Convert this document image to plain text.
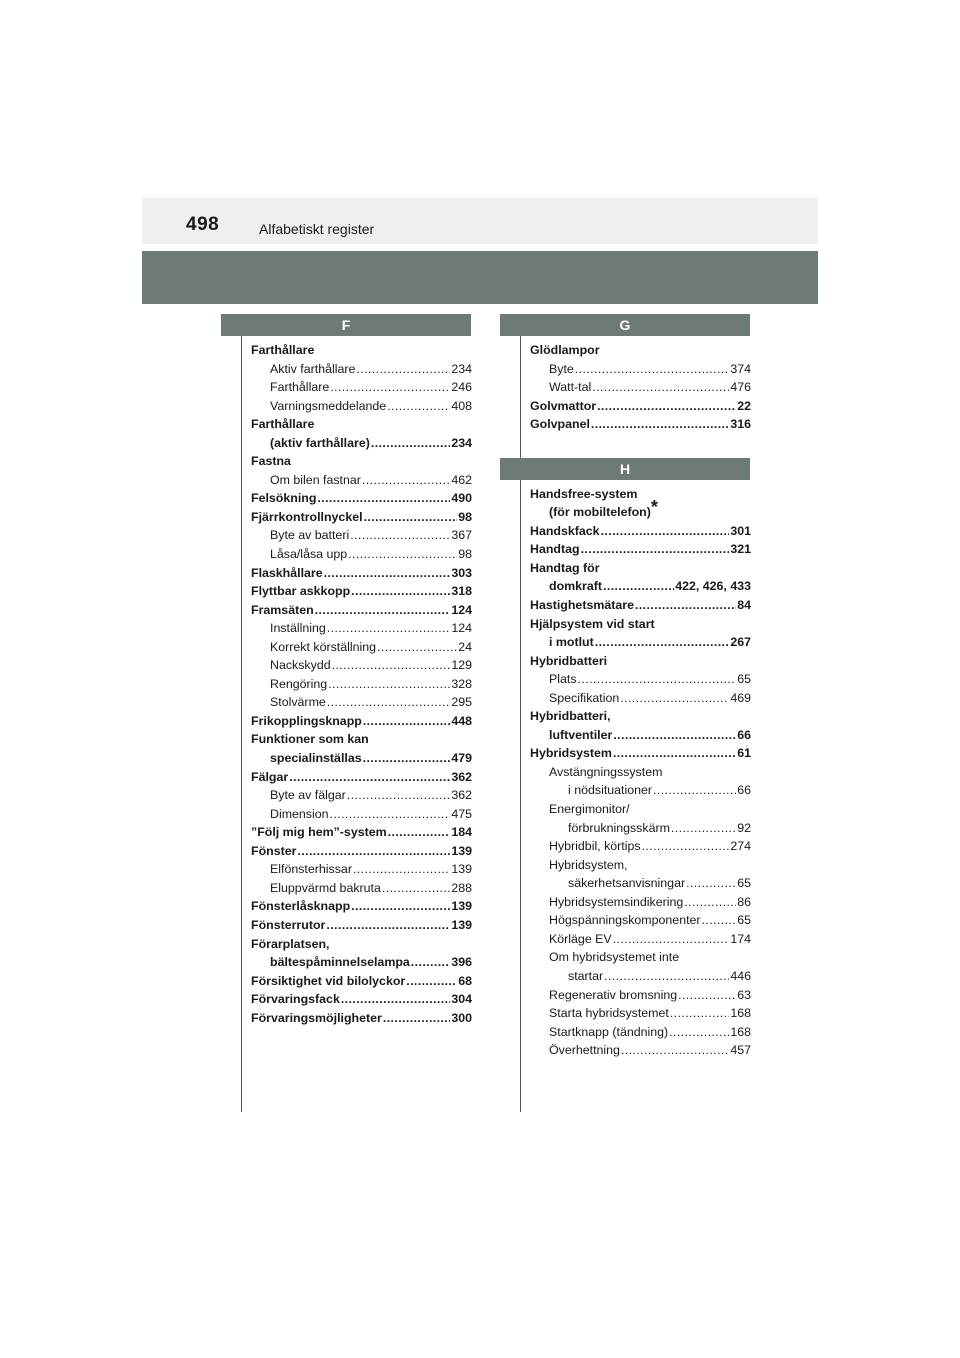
498	Alfabetiskt register
F
Farthållare
Aktiv farthållare .....	234
Farthållare .....	246
Varningsmeddelande .....	408
Farthållare
(aktiv farthållare) .....	234
Fastna
Om bilen fastnar .....	462
Felsökning .....	490
Fjärrkontrollnyckel .....	98
Byte av batteri .....	367
Låsa/låsa upp .....	98
Flaskhållare .....	303
Flyttbar askkopp .....	318
Framsäten .....	124
Inställning .....	124
Korrekt körställning .....	24
Nackskydd .....	129
Rengöring .....	328
Stolvärme .....	295
Frikopplingsknapp .....	448
Funktioner som kan
specialinställas .....	479
Fälgar .....	362
Byte av fälgar .....	362
Dimension .....	475
”Följ mig hem”-system .....	184
Fönster .....	139
Elfönsterhissar .....	139
Eluppvärmd bakruta .....	288
Fönsterlåsknapp .....	139
Fönsterrutor .....	139
Förarplatsen,
bältespåminnelselampa .....	396
Försiktighet vid bilolyckor .....	68
Förvaringsfack .....	304
Förvaringsmöjligheter .....	300
G
Glödlampor
Byte .....	374
Watt-tal .....	476
Golvmattor .....	22
Golvpanel .....	316
H
Handsfree-system
(för mobiltelefon)*
Handskfack .....	301
Handtag .....	321
Handtag för
domkraft .....	422, 426, 433
Hastighetsmätare .....	84
Hjälpsystem vid start
i motlut .....	267
Hybridbatteri
Plats .....	65
Specifikation .....	469
Hybridbatteri,
luftventiler .....	66
Hybridsystem .....	61
Avstängningssystem
i nödsituationer .....	66
Energimonitor/
förbrukningsskärm .....	92
Hybridbil, körtips .....	274
Hybridsystem,
säkerhetsanvisningar .....	65
Hybridsystemsindikering .....	86
Högspänningskomponenter .....	65
Körläge EV .....	174
Om hybridsystemet inte
startar .....	446
Regenerativ bromsning .....	63
Starta hybridsystemet .....	168
Startknapp (tändning) .....	168
Överhettning .....	457
